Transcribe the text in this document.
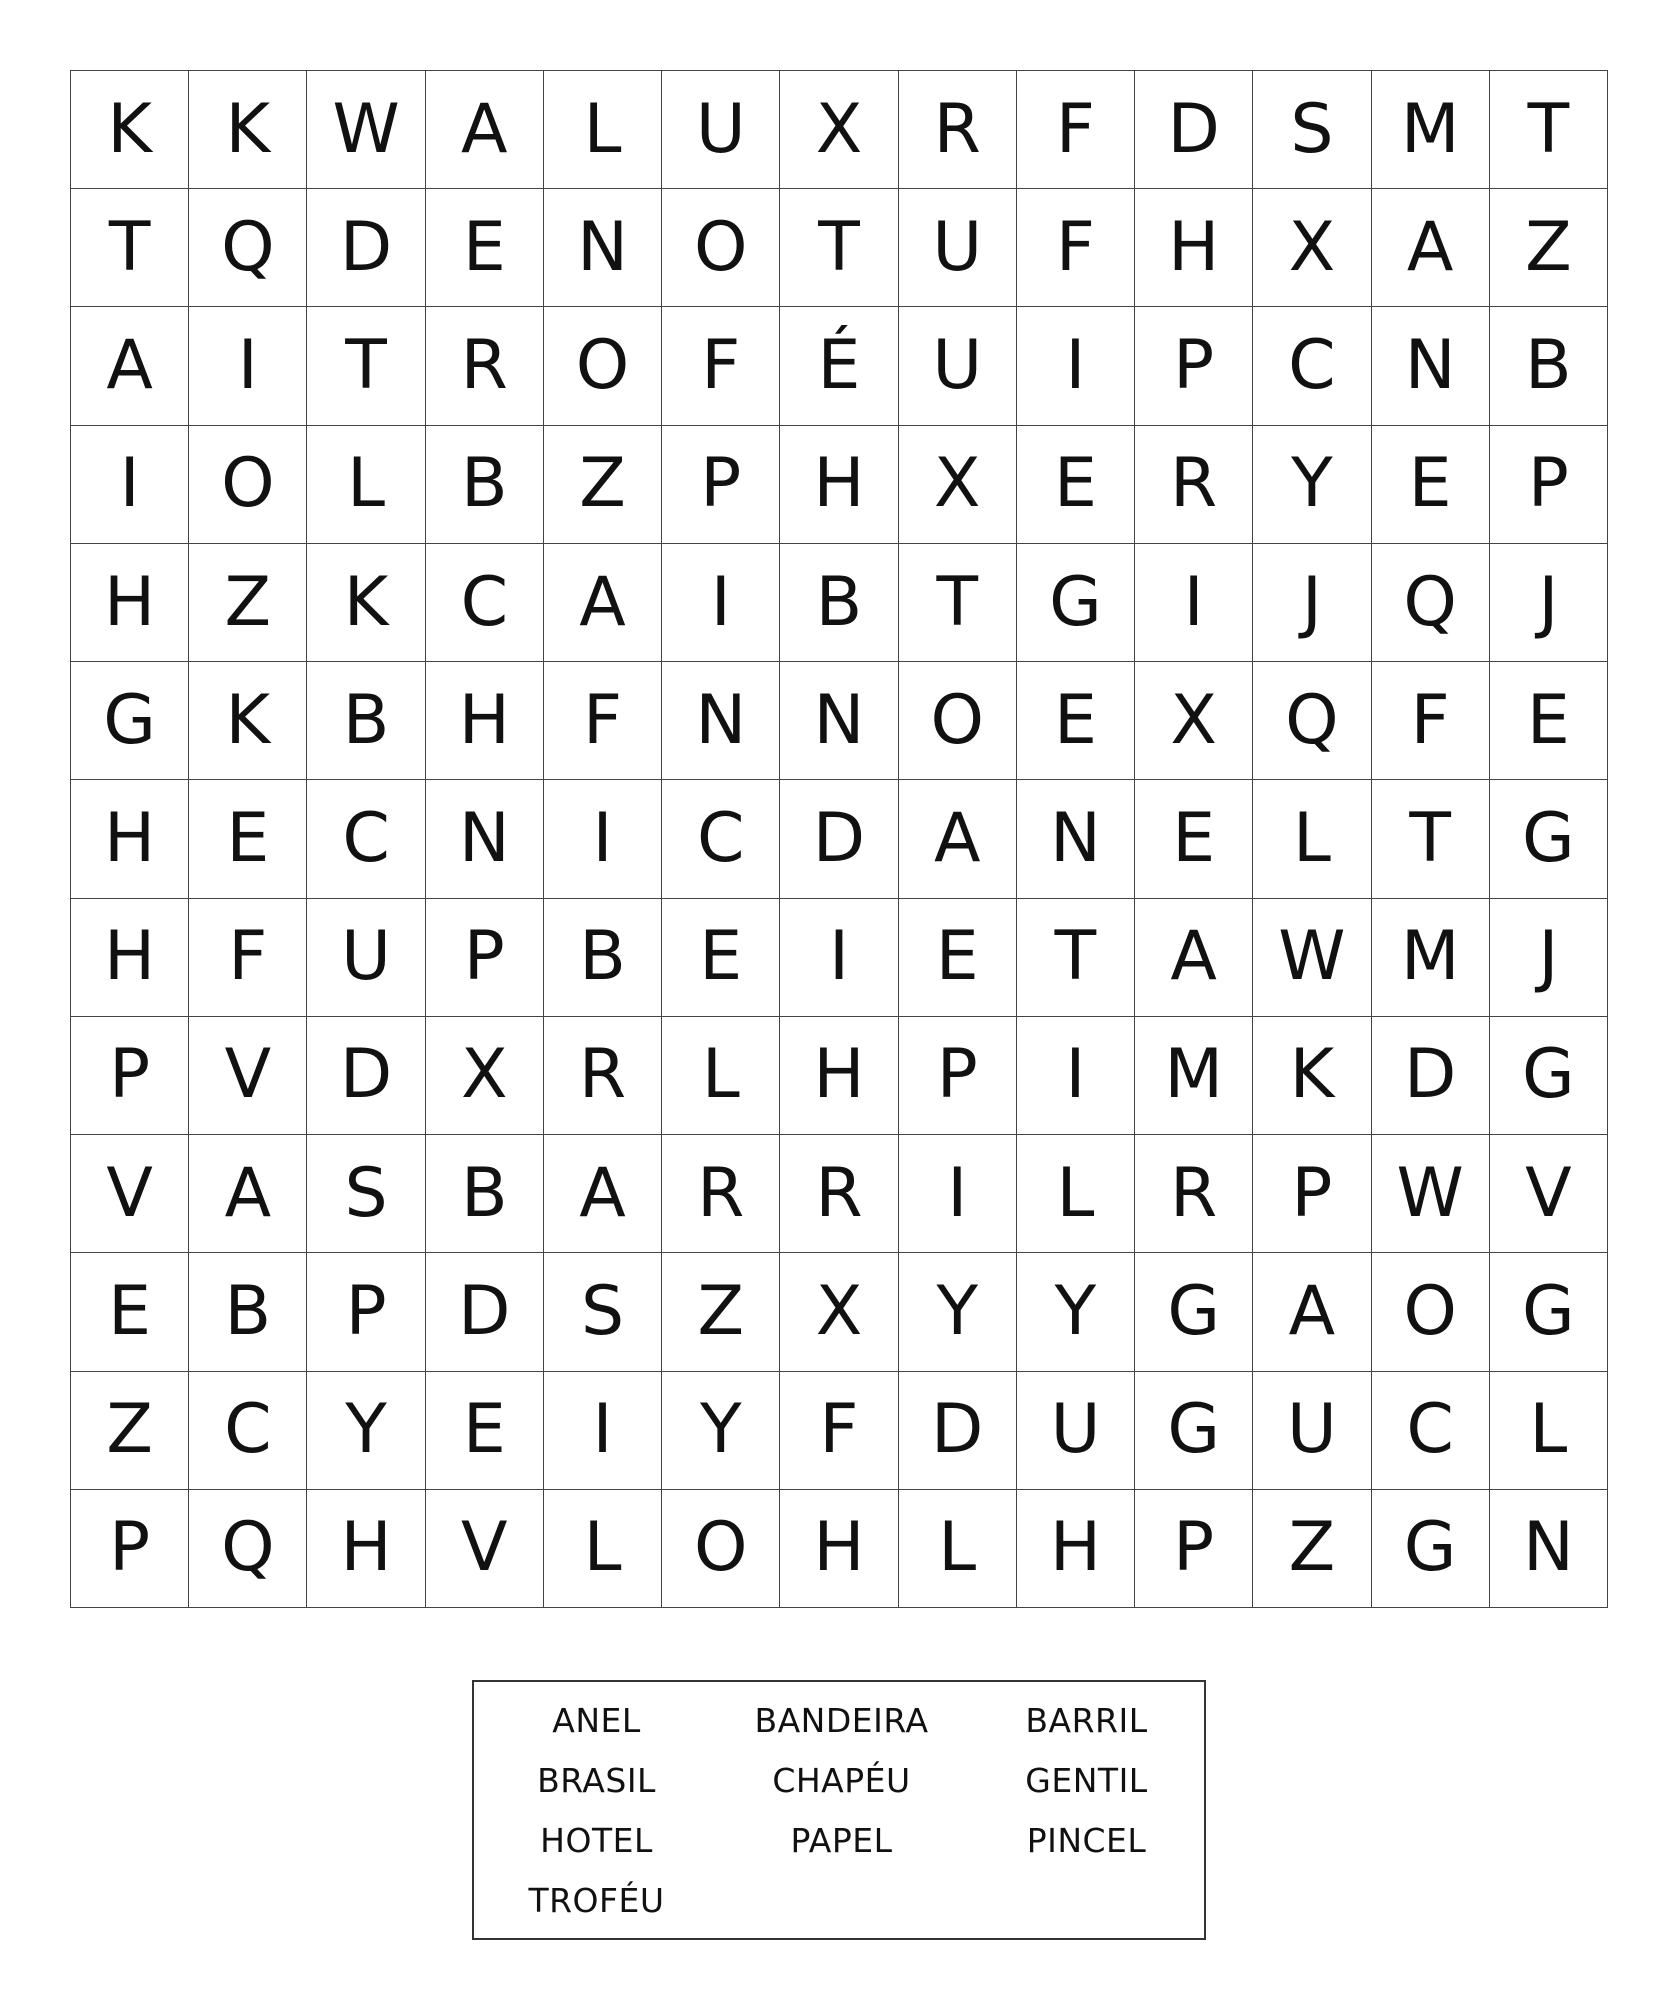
K	K W A	L	U	X	R	F	D	S M	T
T	Q D	E	N O	T	U	F	H	X	A	Z
A	I	T	R O	F	É	U	I	P	C	N	B
I	O	L	B	Z	P	H	X	E	R	Y	E	P
H	Z	K	C	A	I	B	T	G	I	J	Q	J
G	K	B	H	F	N N O	E	X	Q	F	E
H	E	C	N	I	C	D	A	N	E	L	T	G
H	F	U	P	B	E	I	E	T	A W M	J
P	V	D	X	R	L	H	P	I	M K	D G
V	A	S	B	A	R	R	I	L	R	P W V
E	B	P	D	S	Z	X	Y	Y	G	A	O G
Z	C	Y	E	I	Y	F	D U G U	C	L
P	Q H	V	L	O H	L	H	P	Z	G N
ANEL	BANDEIRA	BARRIL
BRASIL	CHAPÉU	GENTIL
HOTEL	PAPEL	PINCEL
TROFÉU
